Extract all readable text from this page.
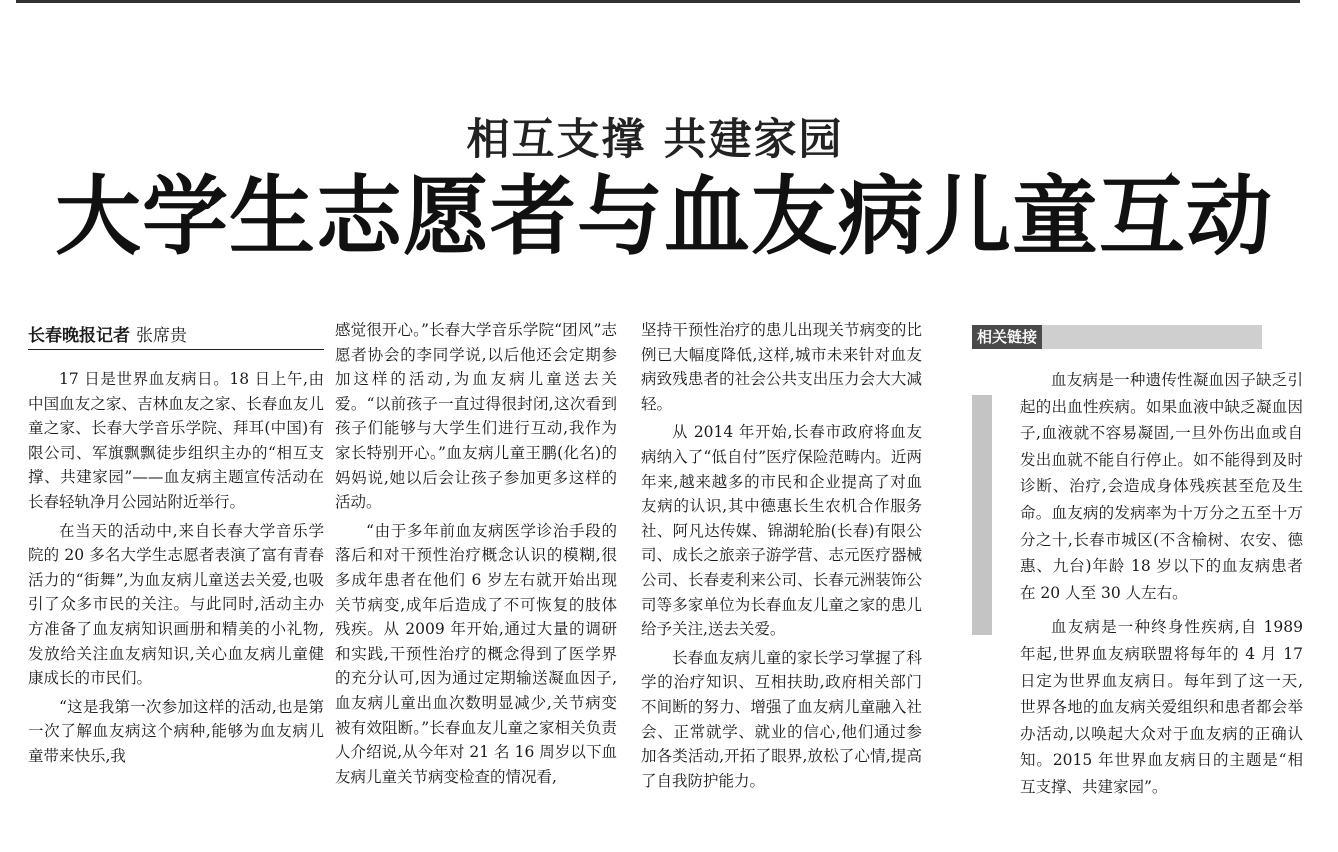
相互支撑 共建家园
大学生志愿者与血友病儿童互动
长春晚报记者 张席贵

17 日是世界血友病日。18 日上午,由中国血友之家、吉林血友之家、长春血友儿童之家、长春大学音乐学院、拜耳(中国)有限公司、军旗飘飘徒步组织主办的“相互支撑、共建家园”——血友病主题宣传活动在长春轻轨净月公园站附近举行。

在当天的活动中,来自长春大学音乐学院的 20 多名大学生志愿者表演了富有青春活力的“街舞”,为血友病儿童送去关爱,也吸引了众多市民的关注。与此同时,活动主办方准备了血友病知识画册和精美的小礼物,发放给关注血友病知识,关心血友病儿童健康成长的市民们。

“这是我第一次参加这样的活动,也是第一次了解血友病这个病种,能够为血友病儿童带来快乐,我

感觉很开心。”长春大学音乐学院“团风”志愿者协会的李同学说,以后他还会定期参加这样的活动,为血友病儿童送去关爱。“以前孩子一直过得很封闭,这次看到孩子们能够与大学生们进行互动,我作为家长特别开心。”血友病儿童王鹏(化名)的妈妈说,她以后会让孩子参加更多这样的活动。

“由于多年前血友病医学诊治手段的落后和对干预性治疗概念认识的模糊,很多成年患者在他们 6 岁左右就开始出现关节病变,成年后造成了不可恢复的肢体残疾。从 2009 年开始,通过大量的调研和实践,干预性治疗的概念得到了医学界的充分认可,因为通过定期输送凝血因子,血友病儿童出血次数明显减少,关节病变被有效阻断。”长春血友儿童之家相关负责人介绍说,从今年对 21 名 16 周岁以下血友病儿童关节病变检查的情况看,

坚持干预性治疗的患儿出现关节病变的比例已大幅度降低,这样,城市未来针对血友病致残患者的社会公共支出压力会大大减轻。

从 2014 年开始,长春市政府将血友病纳入了“低自付”医疗保险范畴内。近两年来,越来越多的市民和企业提高了对血友病的认识,其中德惠长生农机合作服务社、阿凡达传媒、锦湖轮胎(长春)有限公司、成长之旅亲子游学营、志元医疗器械公司、长春麦利来公司、长春元洲装饰公司等多家单位为长春血友儿童之家的患儿给予关注,送去关爱。

长春血友病儿童的家长学习掌握了科学的治疗知识、互相扶助,政府相关部门不间断的努力、增强了血友病儿童融入社会、正常就学、就业的信心,他们通过参加各类活动,开拓了眼界,放松了心情,提高了自我防护能力。

相关链接

血友病是一种遗传性凝血因子缺乏引起的出血性疾病。如果血液中缺乏凝血因子,血液就不容易凝固,一旦外伤出血或自发出血就不能自行停止。如不能得到及时诊断、治疗,会造成身体残疾甚至危及生命。血友病的发病率为十万分之五至十万分之十,长春市城区(不含榆树、农安、德惠、九台)年龄 18 岁以下的血友病患者在 20 人至 30 人左右。

血友病是一种终身性疾病,自 1989 年起,世界血友病联盟将每年的 4 月 17 日定为世界血友病日。每年到了这一天,世界各地的血友病关爱组织和患者都会举办活动,以唤起大众对于血友病的正确认知。2015 年世界血友病日的主题是“相互支撑、共建家园”。
